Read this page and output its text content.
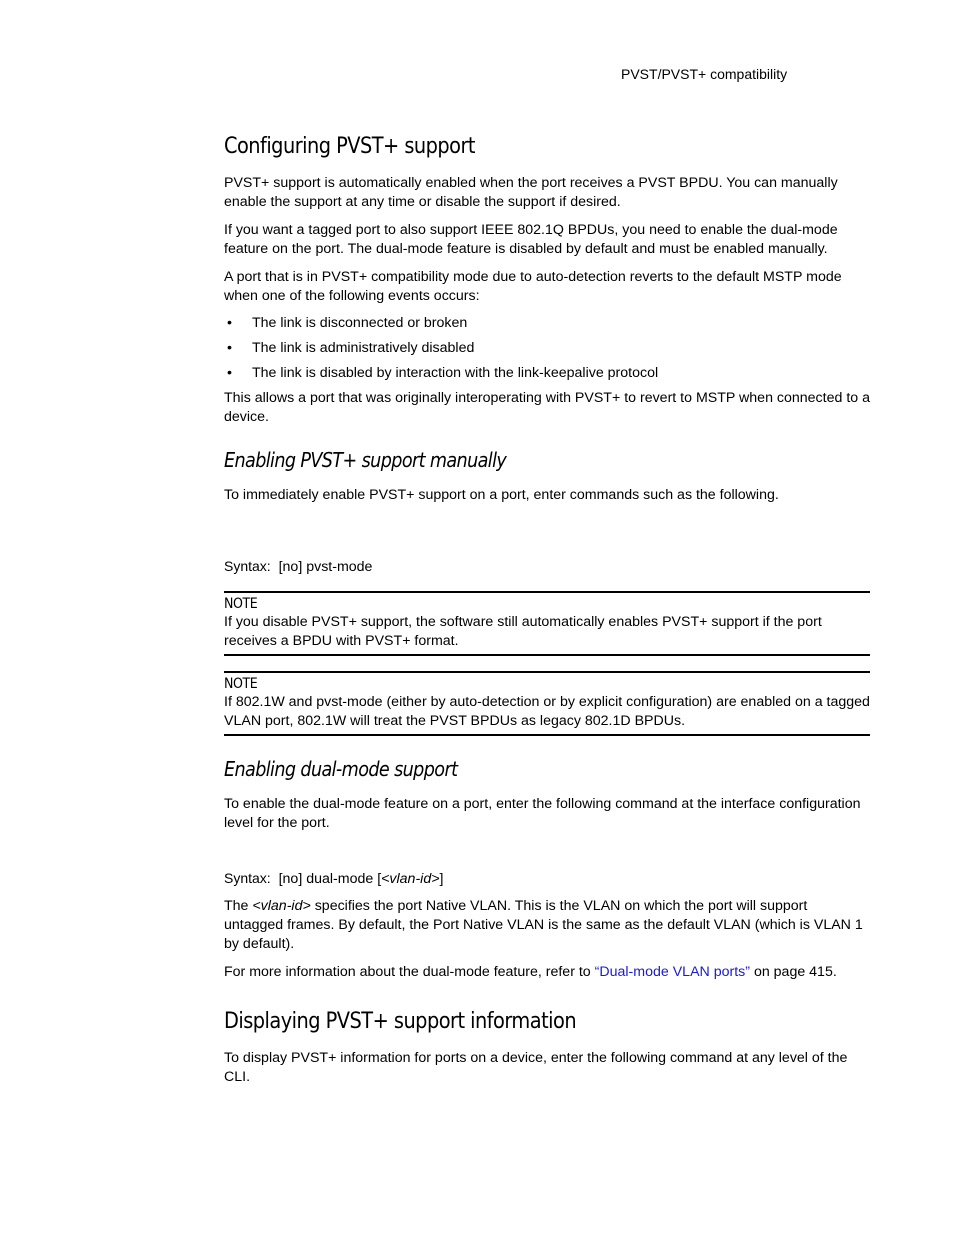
PVST/PVST+ compatibility
Configuring PVST+ support

PVST+ support is automatically enabled when the port receives a PVST BPDU. You can manually enable the support at any time or disable the support if desired.

If you want a tagged port to also support IEEE 802.1Q BPDUs, you need to enable the dual-mode feature on the port. The dual-mode feature is disabled by default and must be enabled manually.

A port that is in PVST+ compatibility mode due to auto-detection reverts to the default MSTP mode when one of the following events occurs:

• The link is disconnected or broken
• The link is administratively disabled
• The link is disabled by interaction with the link-keepalive protocol

This allows a port that was originally interoperating with PVST+ to revert to MSTP when connected to a device.

Enabling PVST+ support manually

To immediately enable PVST+ support on a port, enter commands such as the following.

Syntax: [no] pvst-mode
NOTE

If you disable PVST+ support, the software still automatically enables PVST+ support if the port receives a BPDU with PVST+ format.

NOTE

If 802.1W and pvst-mode (either by auto-detection or by explicit configuration) are enabled on a tagged VLAN port, 802.1W will treat the PVST BPDUs as legacy 802.1D BPDUs.

Enabling dual-mode support

To enable the dual-mode feature on a port, enter the following command at the interface configuration level for the port.

Syntax: [no] dual-mode [<vlan-id>]

The <vlan-id> specifies the port Native VLAN. This is the VLAN on which the port will support untagged frames. By default, the Port Native VLAN is the same as the default VLAN (which is VLAN 1 by default).

For more information about the dual-mode feature, refer to “Dual-mode VLAN ports” on page 415.

Displaying PVST+ support information

To display PVST+ information for ports on a device, enter the following command at any level of the CLI.
